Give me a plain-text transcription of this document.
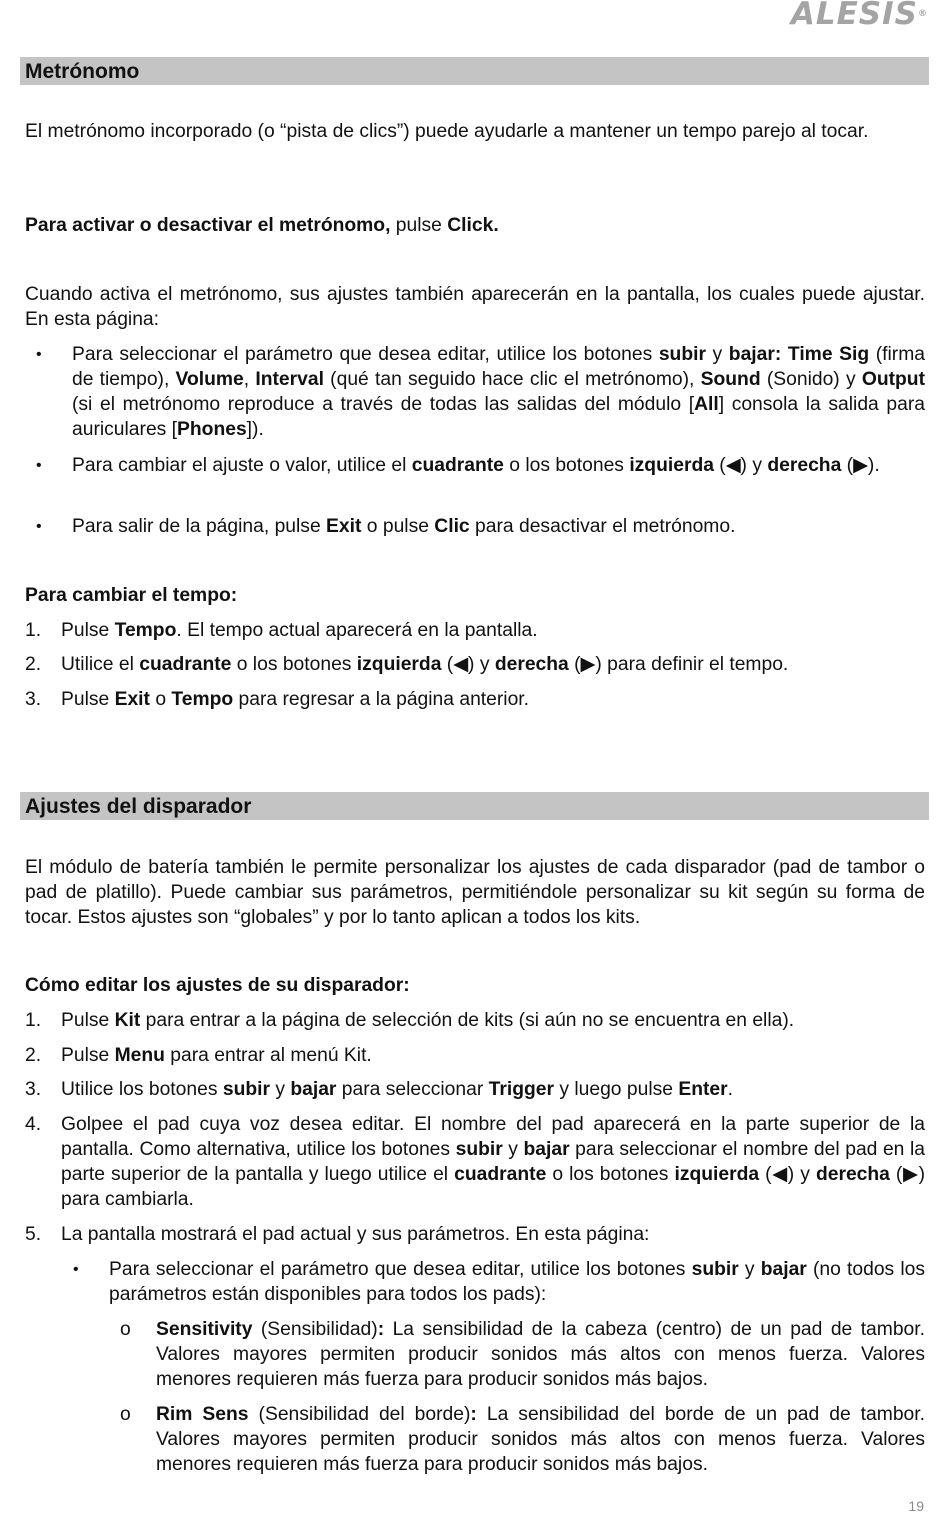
ALESIS®
Metrónomo

El metrónomo incorporado (o “pista de clics”) puede ayudarle a mantener un tempo parejo al tocar.

Para activar o desactivar el metrónomo, pulse Click.

Cuando activa el metrónomo, sus ajustes también aparecerán en la pantalla, los cuales puede ajustar. En esta página:

• Para seleccionar el parámetro que desea editar, utilice los botones subir y bajar: Time Sig (firma de tiempo), Volume, Interval (qué tan seguido hace clic el metrónomo), Sound (Sonido) y Output (si el metrónomo reproduce a través de todas las salidas del módulo [All] consola la salida para auriculares [Phones]).
• Para cambiar el ajuste o valor, utilice el cuadrante o los botones izquierda (◀) y derecha (▶).
• Para salir de la página, pulse Exit o pulse Clic para desactivar el metrónomo.

Para cambiar el tempo:

1. Pulse Tempo. El tempo actual aparecerá en la pantalla.
2. Utilice el cuadrante o los botones izquierda (◀) y derecha (▶) para definir el tempo.
3. Pulse Exit o Tempo para regresar a la página anterior.
Ajustes del disparador

El módulo de batería también le permite personalizar los ajustes de cada disparador (pad de tambor o pad de platillo). Puede cambiar sus parámetros, permitiéndole personalizar su kit según su forma de tocar. Estos ajustes son “globales” y por lo tanto aplican a todos los kits.

Cómo editar los ajustes de su disparador:

1. Pulse Kit para entrar a la página de selección de kits (si aún no se encuentra en ella).
2. Pulse Menu para entrar al menú Kit.
3. Utilice los botones subir y bajar para seleccionar Trigger y luego pulse Enter.
4. Golpee el pad cuya voz desea editar. El nombre del pad aparecerá en la parte superior de la pantalla. Como alternativa, utilice los botones subir y bajar para seleccionar el nombre del pad en la parte superior de la pantalla y luego utilice el cuadrante o los botones izquierda (◀) y derecha (▶) para cambiarla.
5. La pantalla mostrará el pad actual y sus parámetros. En esta página:
• Para seleccionar el parámetro que desea editar, utilice los botones subir y bajar (no todos los parámetros están disponibles para todos los pads):
o Sensitivity (Sensibilidad): La sensibilidad de la cabeza (centro) de un pad de tambor. Valores mayores permiten producir sonidos más altos con menos fuerza. Valores menores requieren más fuerza para producir sonidos más bajos.
o Rim Sens (Sensibilidad del borde): La sensibilidad del borde de un pad de tambor. Valores mayores permiten producir sonidos más altos con menos fuerza. Valores menores requieren más fuerza para producir sonidos más bajos.
19
